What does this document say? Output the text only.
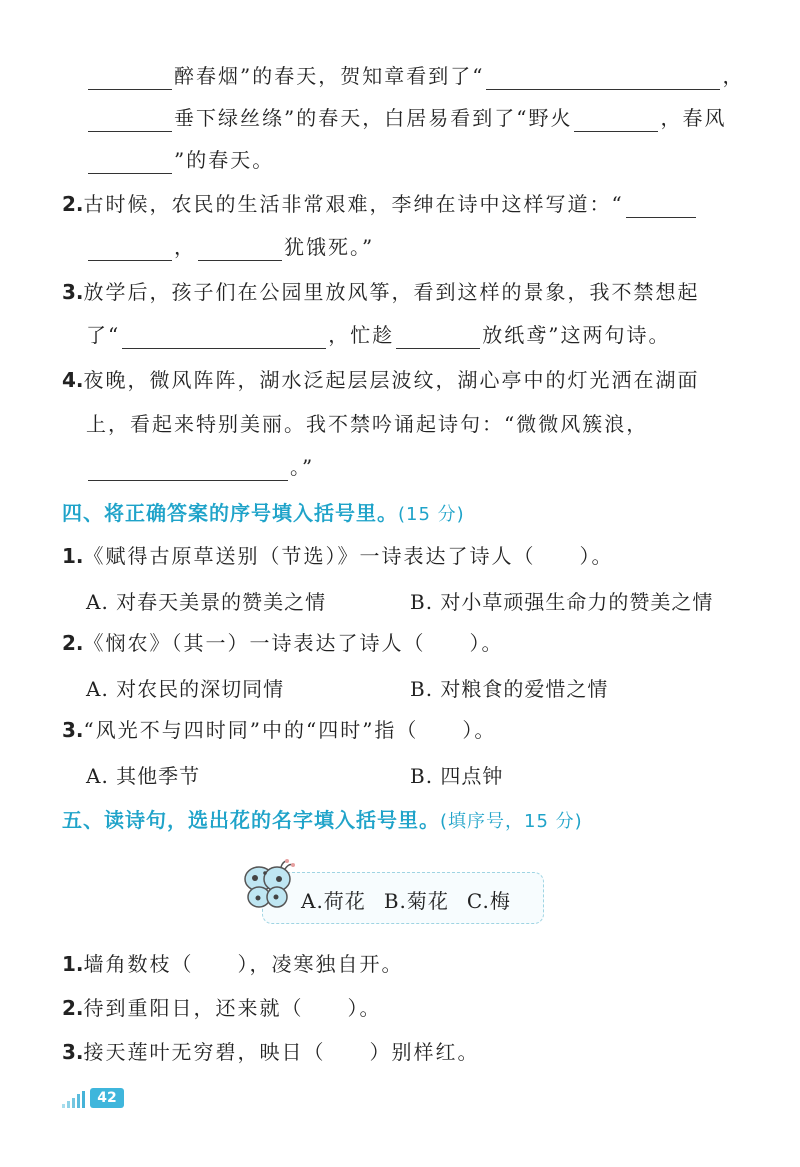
醉春烟”的春天，贺知章看到了“	，
垂下绿丝绦”的春天，白居易看到了“野火	，春风
”的春天。
2.古时候，农民的生活非常艰难，李绅在诗中这样写道：“
，	犹饿死。”
3.放学后，孩子们在公园里放风筝，看到这样的景象，我不禁想起
了“	，忙趁	放纸鸢”这两句诗。
4.夜晚，微风阵阵，湖水泛起层层波纹，湖心亭中的灯光洒在湖面
上，看起来特别美丽。我不禁吟诵起诗句：“微微风簇浪，
。”
四、将正确答案的序号填入括号里。(15 分)
1.《赋得古原草送别（节选）》一诗表达了诗人（　　）。
A. 对春天美景的赞美之情	B. 对小草顽强生命力的赞美之情
2.《悯农》（其一）一诗表达了诗人（　　）。
A. 对农民的深切同情	B. 对粮食的爱惜之情
3.“风光不与四时同”中的“四时”指（　　）。
A. 其他季节	B. 四点钟
五、读诗句，选出花的名字填入括号里。(填序号，15 分)
A.荷花 B.菊花 C.梅
1.墙角数枝（　　），凌寒独自开。
2.待到重阳日，还来就（　　）。
3.接天莲叶无穷碧，映日（　　）别样红。
42
